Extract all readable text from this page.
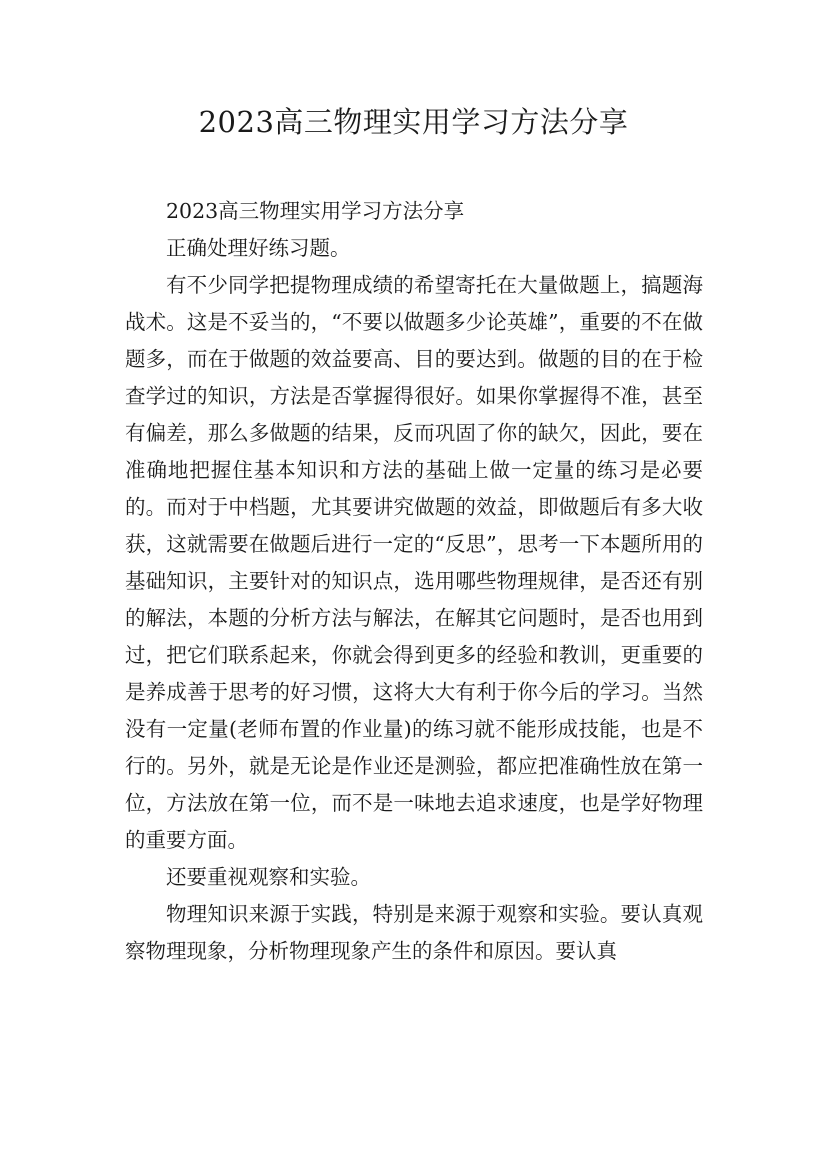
2023高三物理实用学习方法分享

2023高三物理实用学习方法分享

正确处理好练习题。

有不少同学把提物理成绩的希望寄托在大量做题上，搞题海战术。这是不妥当的，“不要以做题多少论英雄”，重要的不在做题多，而在于做题的效益要高、目的要达到。做题的目的在于检查学过的知识，方法是否掌握得很好。如果你掌握得不准，甚至有偏差，那么多做题的结果，反而巩固了你的缺欠，因此，要在准确地把握住基本知识和方法的基础上做一定量的练习是必要的。而对于中档题，尤其要讲究做题的效益，即做题后有多大收获，这就需要在做题后进行一定的“反思”，思考一下本题所用的基础知识，主要针对的知识点，选用哪些物理规律，是否还有别的解法，本题的分析方法与解法，在解其它问题时，是否也用到过，把它们联系起来，你就会得到更多的经验和教训，更重要的是养成善于思考的好习惯，这将大大有利于你今后的学习。当然没有一定量(老师布置的作业量)的练习就不能形成技能，也是不行的。另外，就是无论是作业还是测验，都应把准确性放在第一位，方法放在第一位，而不是一味地去追求速度，也是学好物理的重要方面。

还要重视观察和实验。

物理知识来源于实践，特别是来源于观察和实验。要认真观察物理现象，分析物理现象产生的条件和原因。要认真
